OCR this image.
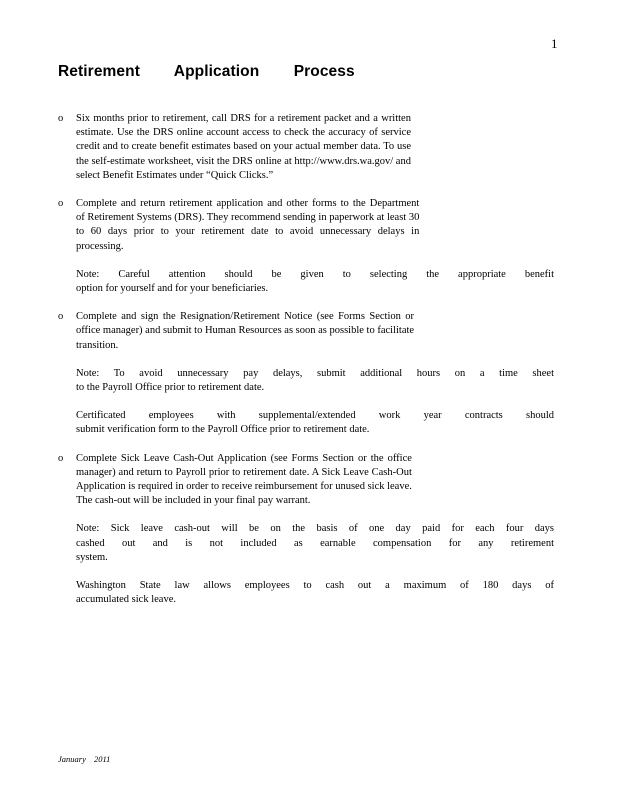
1
Retirement Application Process
o	Six months prior to retirement, call DRS for a retirement packet and a written

estimate. Use the DRS online account access to check the accuracy of service

credit and to create benefit estimates based on your actual member data. To use

the self-estimate worksheet, visit the DRS online at http://www.drs.wa.gov/ and

select Benefit Estimates under “Quick Clicks.”

o	Complete and return retirement application and other forms to the Department

of Retirement Systems (DRS). They recommend sending in paperwork at least 30

to 60 days prior to your retirement date to avoid unnecessary delays in

processing.

Note: Careful attention should be given to selecting the appropriate benefit

option for yourself and for your beneficiaries.

o	Complete and sign the Resignation/Retirement Notice (see Forms Section or

office manager) and submit to Human Resources as soon as possible to facilitate

transition.

Note: To avoid unnecessary pay delays, submit additional hours on a time sheet

to the Payroll Office prior to retirement date.

Certificated employees with supplemental/extended work year contracts should

submit verification form to the Payroll Office prior to retirement date.

o	Complete Sick Leave Cash-Out Application (see Forms Section or the office

manager) and return to Payroll prior to retirement date. A Sick Leave Cash-Out

Application is required in order to receive reimbursement for unused sick leave.

The cash-out will be included in your final pay warrant.

Note: Sick leave cash-out will be on the basis of one day paid for each four days

cashed out and is not included as earnable compensation for any retirement

system.

Washington State law allows employees to cash out a maximum of 180 days of

accumulated sick leave.

January 2011
